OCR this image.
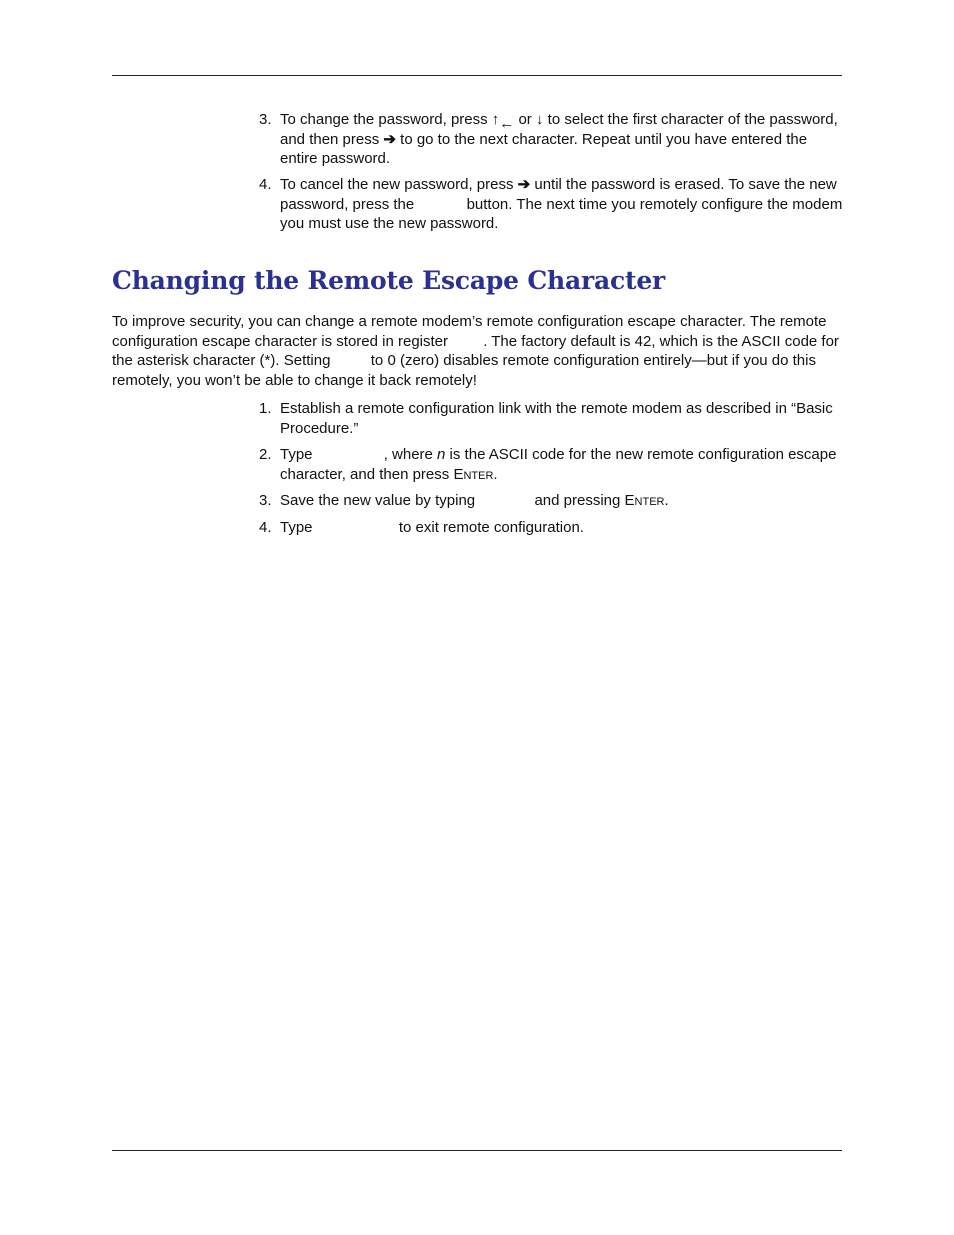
3. To change the password, press ↑← or ↓ to select the first character of the password, and then press ➔ to go to the next character. Repeat until you have entered the entire password.
4. To cancel the new password, press ➔ until the password is erased. To save the new password, press the	button. The next time you remotely configure the modem you must use the new password.
Changing the Remote Escape Character
To improve security, you can change a remote modem’s remote configuration escape character. The remote configuration escape character is stored in register . The factory default is 42, which is the ASCII code for the asterisk character (*). Setting  to 0 (zero) disables remote configuration entirely—but if you do this remotely, you won’t be able to change it back remotely!
1. Establish a remote configuration link with the remote modem as described in “Basic Procedure.”
2. Type	, where n is the ASCII code for the new remote configuration escape character, and then press ENTER.
3. Save the new value by typing	and pressing ENTER.
4. Type	to exit remote configuration.
